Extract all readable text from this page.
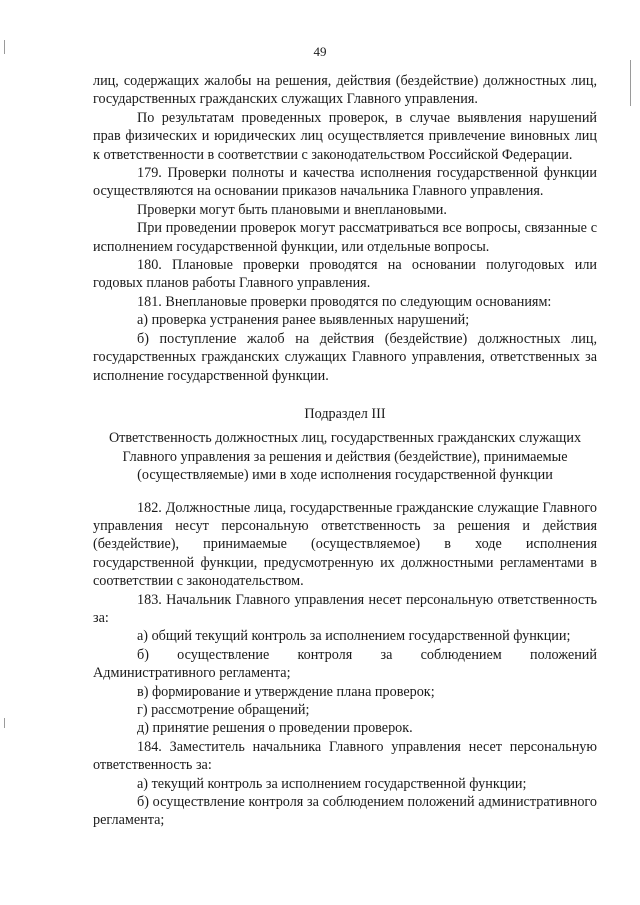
49

лиц, содержащих жалобы на решения, действия (бездействие) должностных лиц, государственных гражданских служащих Главного управления.

По результатам проведенных проверок, в случае выявления нарушений прав физических и юридических лиц осуществляется привлечение виновных лиц к ответственности в соответствии с законодательством Российской Федерации.

179. Проверки полноты и качества исполнения государственной функции осуществляются на основании приказов начальника Главного управления.

Проверки могут быть плановыми и внеплановыми.

При проведении проверок могут рассматриваться все вопросы, связанные с исполнением государственной функции, или отдельные вопросы.

180. Плановые проверки проводятся на основании полугодовых или годовых планов работы Главного управления.

181. Внеплановые проверки проводятся по следующим основаниям:

а) проверка устранения ранее выявленных нарушений;

б) поступление жалоб на действия (бездействие) должностных лиц, государственных гражданских служащих Главного управления, ответственных за исполнение государственной функции.

Подраздел III

Ответственность должностных лиц, государственных гражданских служащих
Главного управления за решения и действия (бездействие), принимаемые
(осуществляемые) ими в ходе исполнения государственной функции

182. Должностные лица, государственные гражданские служащие Главного управления несут персональную ответственность за решения и действия (бездействие), принимаемые (осуществляемое) в ходе исполнения государственной функции, предусмотренную их должностными регламентами в соответствии с законодательством.

183. Начальник Главного управления несет персональную ответственность за:

а) общий текущий контроль за исполнением государственной функции;

б) осуществление контроля за соблюдением положений Административного регламента;

в) формирование и утверждение плана проверок;

г) рассмотрение обращений;

д) принятие решения о проведении проверок.

184. Заместитель начальника Главного управления несет персональную ответственность за:

а) текущий контроль за исполнением государственной функции;

б) осуществление контроля за соблюдением положений административного регламента;
